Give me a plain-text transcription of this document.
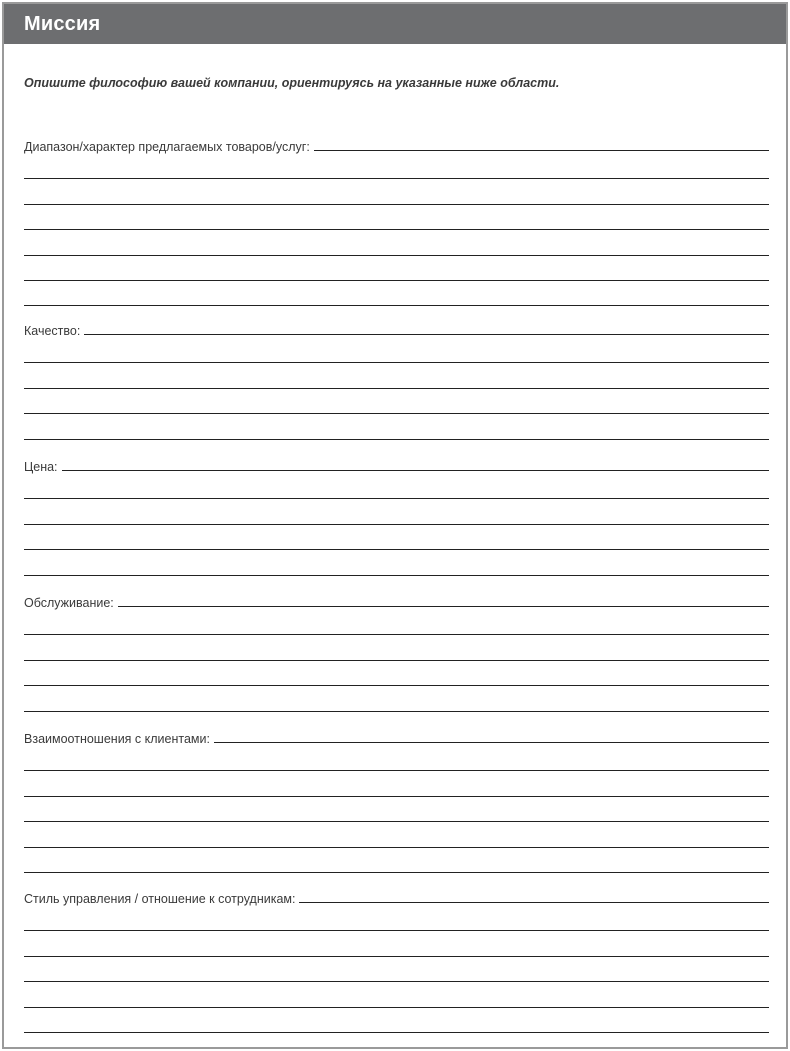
Миссия
Опишите философию вашей компании, ориентируясь на указанные ниже области.
Диапазон/характер предлагаемых товаров/услуг:
Качество:
Цена:
Обслуживание:
Взаимоотношения с клиентами:
Стиль управления / отношение к сотрудникам:
